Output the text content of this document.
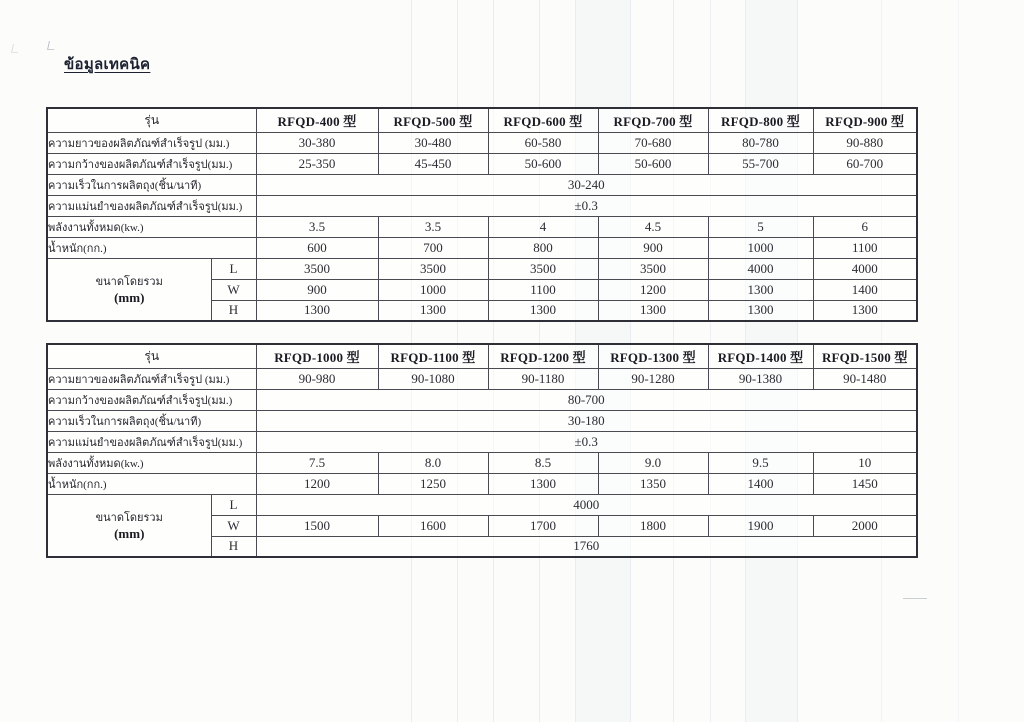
ข้อมูลเทคนิค
รุ่น		RFQD-400 型	RFQD-500 型	RFQD-600 型	RFQD-700 型	RFQD-800 型	RFQD-900 型
ความยาวของผลิตภัณฑ์สำเร็จรูป (มม.)		30-380	30-480	60-580	70-680	80-780	90-880
ความกว้างของผลิตภัณฑ์สำเร็จรูป(มม.)		25-350	45-450	50-600	50-600	55-700	60-700
ความเร็วในการผลิตถุง(ชิ้น/นาที)		30-240					
ความแม่นยำของผลิตภัณฑ์สำเร็จรูป(มม.)		±0.3					
พลังงานทั้งหมด(kw.)		3.5	3.5	4	4.5	5	6
น้ำหนัก(กก.)		600	700	800	900	1000	1100

ขนาดโดยรวม
(mm)	L	3500	3500	3500	3500	4000	4000
	W	900	1000	1100	1200	1300	1400
	H	1300	1300	1300	1300	1300	1300
รุ่น		RFQD-1000 型	RFQD-1100 型	RFQD-1200 型	RFQD-1300 型	RFQD-1400 型	RFQD-1500 型
ความยาวของผลิตภัณฑ์สำเร็จรูป (มม.)		90-980	90-1080	90-1180	90-1280	90-1380	90-1480
ความกว้างของผลิตภัณฑ์สำเร็จรูป(มม.)		80-700					
ความเร็วในการผลิตถุง(ชิ้น/นาที)		30-180					
ความแม่นยำของผลิตภัณฑ์สำเร็จรูป(มม.)		±0.3					
พลังงานทั้งหมด(kw.)		7.5	8.0	8.5	9.0	9.5	10
น้ำหนัก(กก.)		1200	1250	1300	1350	1400	1450

ขนาดโดยรวม
(mm)	L	4000					
	W	1500	1600	1700	1800	1900	2000
	H	1760					
